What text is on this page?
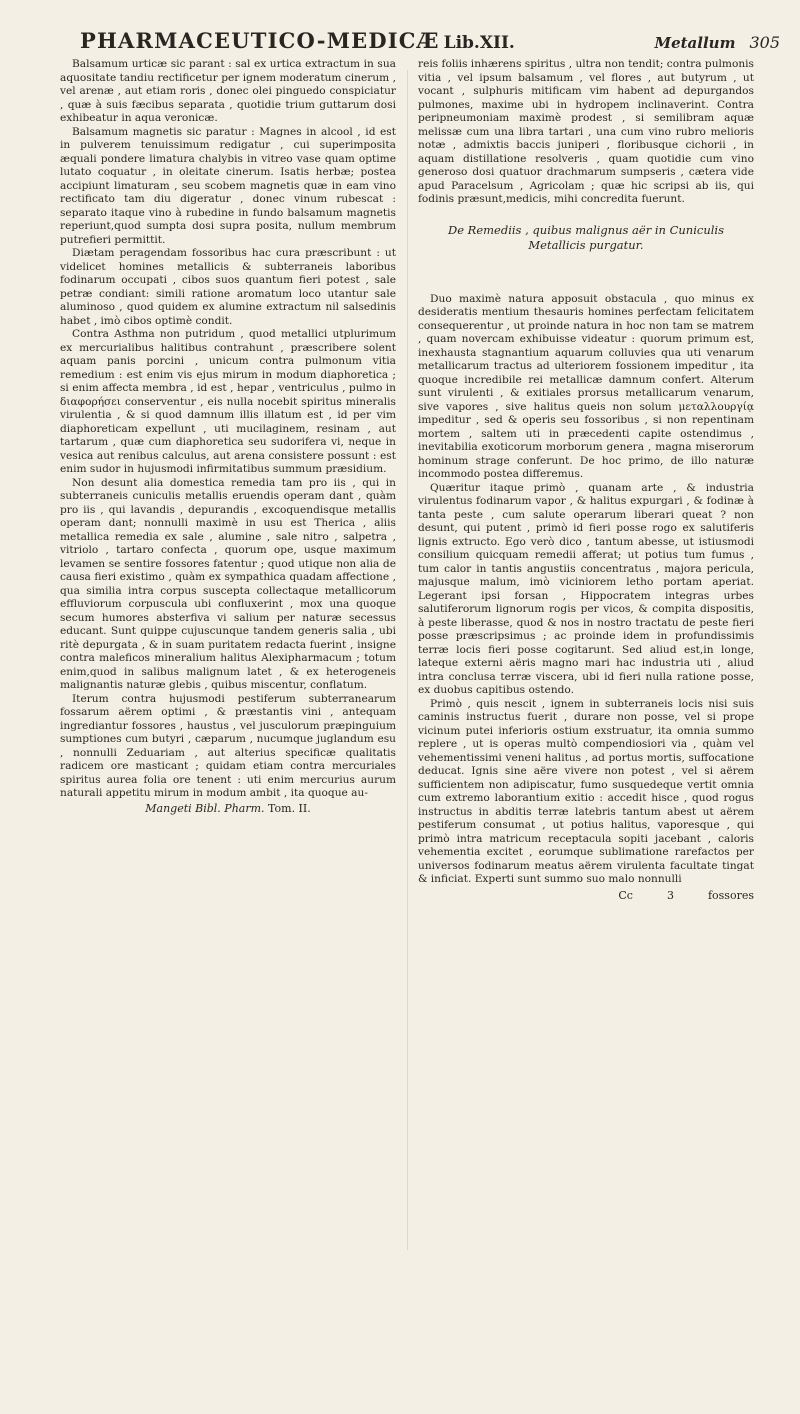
PHARMACEUTICO-MEDICÆ Lib.XII.	Metallum 305

Balsamum urticæ sic parant : sal ex urtica extractum in sua aquositate tandiu rectificetur per ignem moderatum cinerum , vel arenæ , aut etiam roris , donec olei pinguedo conspiciatur , quæ à suis fæcibus separata , quotidie trium guttarum dosi exhibeatur in aqua veronicæ.

Balsamum magnetis sic paratur : Magnes in alcool , id est in pulverem tenuissimum redigatur , cui superimposita æquali pondere limatura chalybis in vitreo vase quam optime lutato coquatur , in oleitate cinerum. Isatis herbæ; postea accipiunt limaturam , seu scobem magnetis quæ in eam vino rectificato tam diu digeratur , donec vinum rubescat : separato itaque vino à rubedine in fundo balsamum magnetis reperiunt,quod sumpta dosi supra posita, nullum membrum putrefieri permittit.

Diætam peragendam fossoribus hac cura præscribunt : ut videlicet homines metallicis & subterraneis laboribus fodinarum occupati , cibos suos quantum fieri potest , sale petræ condiant: simili ratione aromatum loco utantur sale aluminoso , quod quidem ex alumine extractum nil salsedinis habet , imò cibos optimè condit.

Contra Asthma non putridum , quod metallici utplurimum ex mercurialibus halitibus contrahunt , præscribere solent aquam panis porcini , unicum contra pulmonum vitia remedium : est enim vis ejus mirum in modum diaphoretica ; si enim affecta membra , id est , hepar , ventriculus , pulmo in διαφορήσει conserventur , eis nulla nocebit spiritus mineralis virulentia , & si quod damnum illis illatum est , id per vim diaphoreticam expellunt , uti mucilaginem, resinam , aut tartarum , quæ cum diaphoretica seu sudorifera vi, neque in vesica aut renibus calculus, aut arena consistere possunt : est enim sudor in hujusmodi infirmitatibus summum præsidium.

Non desunt alia domestica remedia tam pro iis , qui in subterraneis cuniculis metallis eruendis operam dant , quàm pro iis , qui lavandis , depurandis , excoquendisque metallis operam dant; nonnulli maximè in usu est Therica , aliis metallica remedia ex sale , alumine , sale nitro , salpetra , vitriolo , tartaro confecta , quorum ope, usque maximum levamen se sentire fossores fatentur ; quod utique non alia de causa fieri existimo , quàm ex sympathica quadam affectione , qua similia intra corpus suscepta collectaque metallicorum effluviorum corpuscula ubi confluxerint , mox una quoque secum humores absterfiva vi salium per naturæ secessus educant. Sunt quippe cujuscunque tandem generis salia , ubi ritè depurgata , & in suam puritatem redacta fuerint , insigne contra maleficos mineralium halitus Alexipharmacum ; totum enim,quod in salibus malignum latet , & ex heterogeneis malignantis naturæ glebis , quibus miscentur, conflatum.

Iterum contra hujusmodi pestiferum subterranearum fossarum aërem optimi , & præstantis vini , antequam ingrediantur fossores , haustus , vel jusculorum præpinguium sumptiones cum butyri , cæparum , nucumque juglandum esu , nonnulli Zeduariam , aut alterius specificæ qualitatis radicem ore masticant ; quidam etiam contra mercuriales spiritus aurea folia ore tenent : uti enim mercurius aurum naturali appetitu mirum in modum ambit , ita quoque au-

Mangeti Bibl. Pharm. Tom. II.

reis foliis inhærens spiritus , ultra non tendit; contra pulmonis vitia , vel ipsum balsamum , vel flores , aut butyrum , ut vocant , sulphuris mitificam vim habent ad depurgandos pulmones, maxime ubi in hydropem inclinaverint. Contra peripneumoniam maximè prodest , si semilibram aquæ melissæ cum una libra tartari , una cum vino rubro melioris notæ , admixtis baccis juniperi , floribusque cichorii , in aquam distillatione resolveris , quam quotidie cum vino generoso dosi quatuor drachmarum sumpseris , cætera vide apud Paracelsum , Agricolam ; quæ hic scripsi ab iis, qui fodinis præsunt,medicis, mihi concredita fuerunt.

De Remediis , quibus malignus aër in Cuniculis Metallicis purgatur.

Duo maximè natura apposuit obstacula , quo minus ex desideratis mentium thesauris homines perfectam felicitatem consequerentur , ut proinde natura in hoc non tam se matrem , quam novercam exhibuisse videatur : quorum primum est, inexhausta stagnantium aquarum colluvies qua uti venarum metallicarum tractus ad ulteriorem fossionem impeditur , ita quoque incredibile rei metallicæ damnum confert. Alterum sunt virulenti , & exitiales prorsus metallicarum venarum, sive vapores , sive halitus queis non solum μεταλλουργίᾳ impeditur , sed & operis seu fossoribus , si non repentinam mortem , saltem uti in præcedenti capite ostendimus , inevitabilia exoticorum morborum genera , magna miserorum hominum strage conferunt. De hoc primo, de illo naturæ incommodo postea differemus.

Quæritur itaque primò , quanam arte , & industria virulentus fodinarum vapor , & halitus expurgari , & fodinæ à tanta peste , cum salute operarum liberari queat ? non desunt, qui putent , primò id fieri posse rogo ex salutiferis lignis extructo. Ego verò dico , tantum abesse, ut istiusmodi consilium quicquam remedii afferat; ut potius tum fumus , tum calor in tantis angustiis concentratus , majora pericula, majusque malum, imò viciniorem letho portam aperiat. Legerant ipsi forsan , Hippocratem integras urbes salutiferorum lignorum rogis per vicos, & compita dispositis, à peste liberasse, quod & nos in nostro tractatu de peste fieri posse præscripsimus ; ac proinde idem in profundissimis terræ locis fieri posse cogitarunt. Sed aliud est,in longe, lateque externi aëris magno mari hac industria uti , aliud intra conclusa terræ viscera, ubi id fieri nulla ratione posse, ex duobus capitibus ostendo.

Primò , quis nescit , ignem in subterraneis locis nisi suis caminis instructus fuerit , durare non posse, vel si prope vicinum putei inferioris ostium exstruatur, ita omnia summo replere , ut is operas multò compendiosiori via , quàm vel vehementissimi veneni halitus , ad portus mortis, suffocatione deducat. Ignis sine aëre vivere non potest , vel si aërem sufficientem non adipiscatur, fumo susquedeque vertit omnia cum extremo laborantium exitio : accedit hisce , quod rogus instructus in abditis terræ latebris tantum abest ut aërem pestiferum consumat , ut potius halitus, vaporesque , qui primò intra matricum receptacula sopiti jacebant , caloris vehementia excitet , eorumque sublimatione rarefactos per universos fodinarum meatus aërem virulenta facultate tingat & inficiat. Experti sunt summo suo malo nonnulli

Cc	3	fossores
